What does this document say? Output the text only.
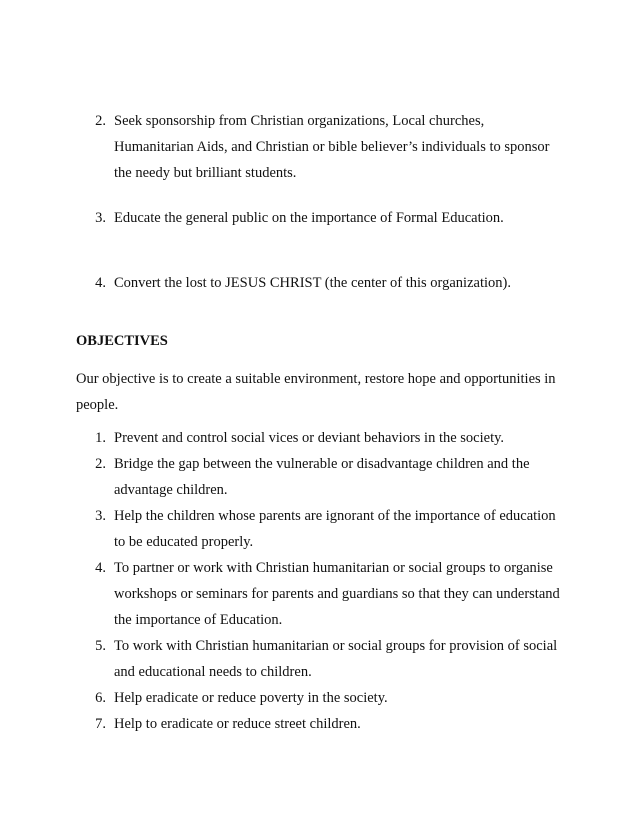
2. Seek sponsorship from Christian organizations, Local churches,
Humanitarian Aids, and Christian or bible believer’s individuals to sponsor
the needy but brilliant students.
3. Educate the general public on the importance of Formal Education.
4. Convert the lost to JESUS CHRIST (the center of this organization).
OBJECTIVES
Our objective is to create a suitable environment, restore hope and opportunities in
people.
1. Prevent and control social vices or deviant behaviors in the society.
2. Bridge the gap between the vulnerable or disadvantage children and the
advantage children.
3. Help the children whose parents are ignorant of the importance of education
to be educated properly.
4. To partner or work with Christian humanitarian or social groups to organise
workshops or seminars for parents and guardians so that they can understand
the importance of Education.
5. To work with Christian humanitarian or social groups for provision of social
and educational needs to children.
6. Help eradicate or reduce poverty in the society.
7. Help to eradicate or reduce street children.
